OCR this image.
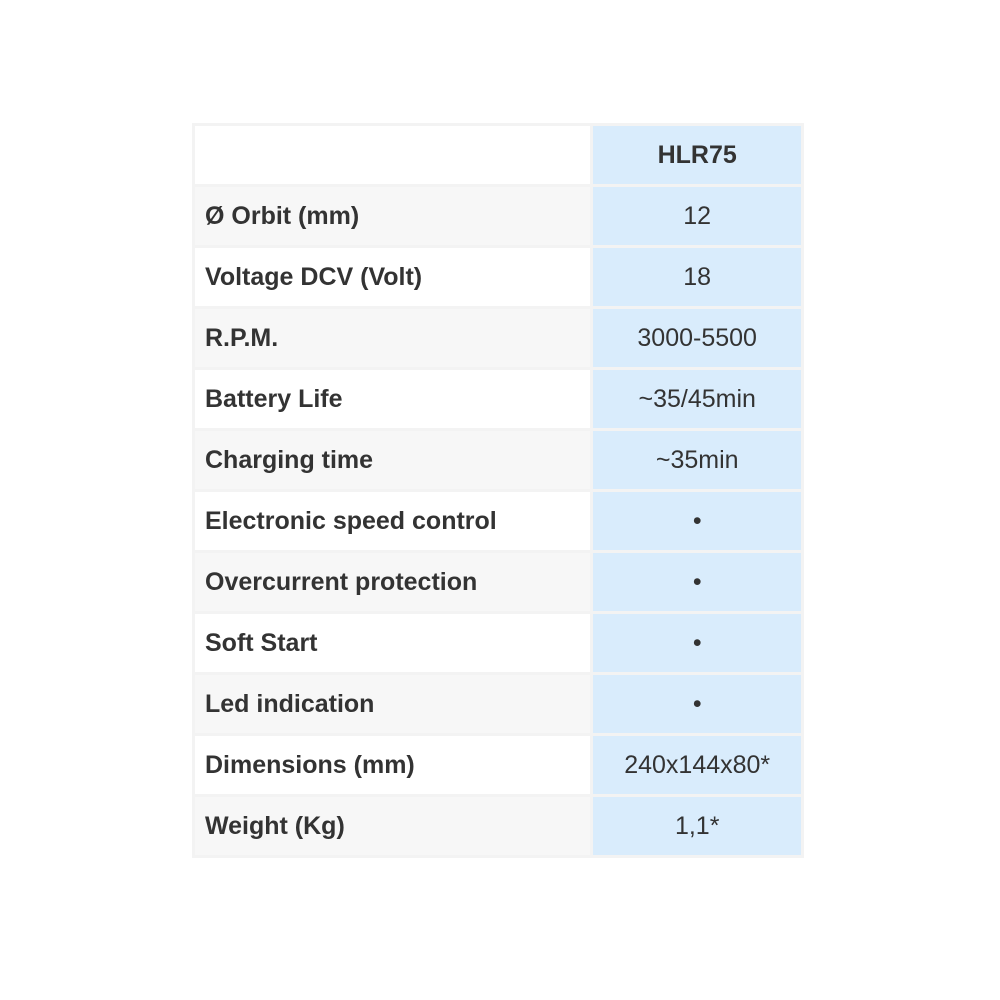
	HLR75
Ø Orbit (mm)	12
Voltage DCV (Volt)	18
R.P.M.	3000-5500
Battery Life	~35/45min
Charging time	~35min
Electronic speed control	•
Overcurrent protection	•
Soft Start	•
Led indication	•
Dimensions (mm)	240x144x80*
Weight (Kg)	1,1*
